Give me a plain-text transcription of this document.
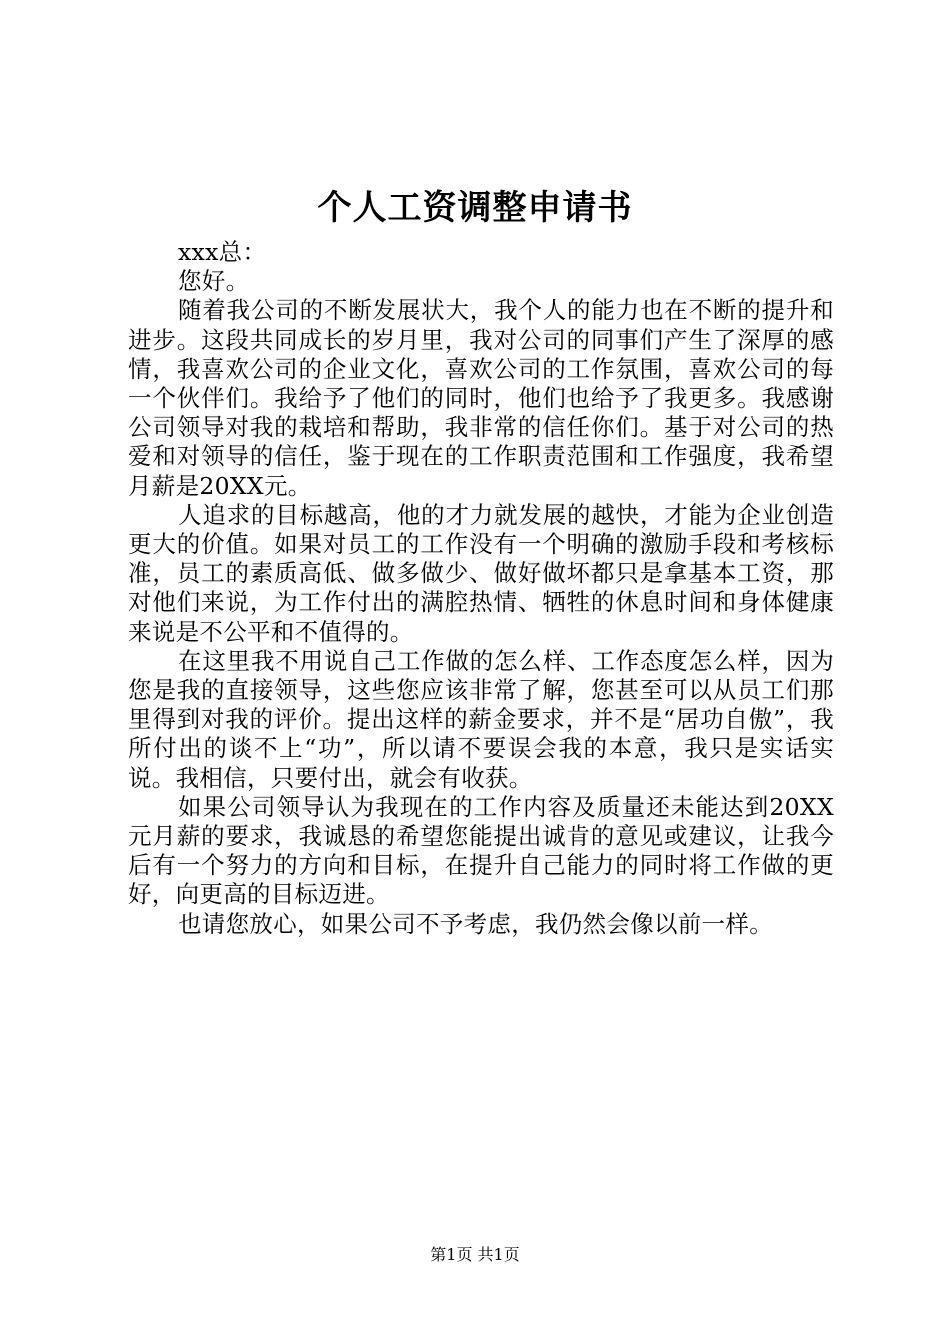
个人工资调整申请书

xxx总：

您好。

随着我公司的不断发展状大，我个人的能力也在不断的提升和进步。这段共同成长的岁月里，我对公司的同事们产生了深厚的感情，我喜欢公司的企业文化，喜欢公司的工作氛围，喜欢公司的每一个伙伴们。我给予了他们的同时，他们也给予了我更多。我感谢公司领导对我的栽培和帮助，我非常的信任你们。基于对公司的热爱和对领导的信任，鉴于现在的工作职责范围和工作强度，我希望月薪是20XX元。

人追求的目标越高，他的才力就发展的越快，才能为企业创造更大的价值。如果对员工的工作没有一个明确的激励手段和考核标准，员工的素质高低、做多做少、做好做坏都只是拿基本工资，那对他们来说，为工作付出的满腔热情、牺牲的休息时间和身体健康来说是不公平和不值得的。

在这里我不用说自己工作做的怎么样、工作态度怎么样，因为您是我的直接领导，这些您应该非常了解，您甚至可以从员工们那里得到对我的评价。提出这样的薪金要求，并不是“居功自傲”，我所付出的谈不上“功”，所以请不要误会我的本意，我只是实话实说。我相信，只要付出，就会有收获。

如果公司领导认为我现在的工作内容及质量还未能达到20XX元月薪的要求，我诚恳的希望您能提出诚肯的意见或建议，让我今后有一个努力的方向和目标，在提升自己能力的同时将工作做的更好，向更高的目标迈进。

也请您放心，如果公司不予考虑，我仍然会像以前一样。

第1页 共1页
